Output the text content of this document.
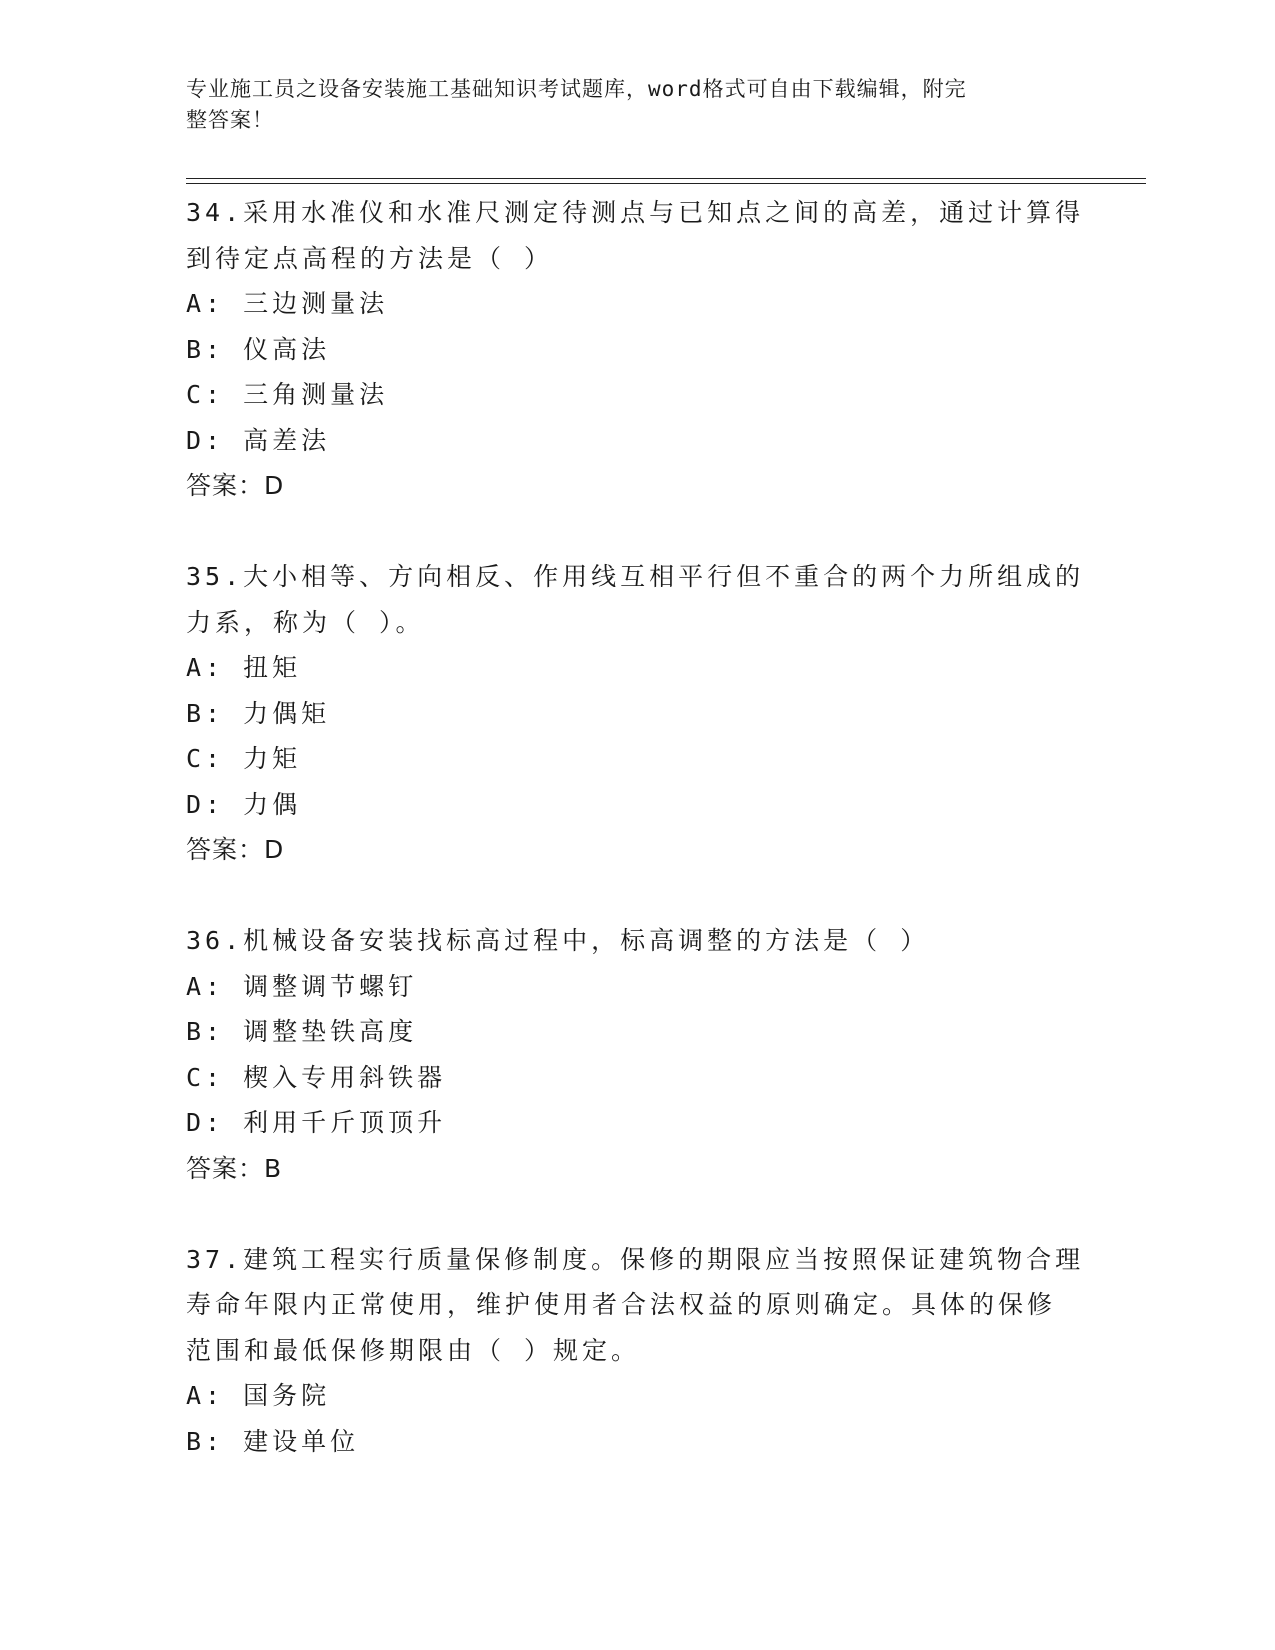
专业施工员之设备安装施工基础知识考试题库，word格式可自由下载编辑，附完
整答案！

34.采用水准仪和水准尺测定待测点与已知点之间的高差，通过计算得

到待定点高程的方法是（ ）

A: 三边测量法

B: 仪高法

C: 三角测量法

D: 高差法

答案：D

35.大小相等、方向相反、作用线互相平行但不重合的两个力所组成的

力系，称为（ ）。

A: 扭矩

B: 力偶矩

C: 力矩

D: 力偶

答案：D

36.机械设备安装找标高过程中，标高调整的方法是（ ）

A: 调整调节螺钉

B: 调整垫铁高度

C: 楔入专用斜铁器

D: 利用千斤顶顶升

答案：B

37.建筑工程实行质量保修制度。保修的期限应当按照保证建筑物合理

寿命年限内正常使用，维护使用者合法权益的原则确定。具体的保修

范围和最低保修期限由（ ）规定。

A: 国务院

B: 建设单位
